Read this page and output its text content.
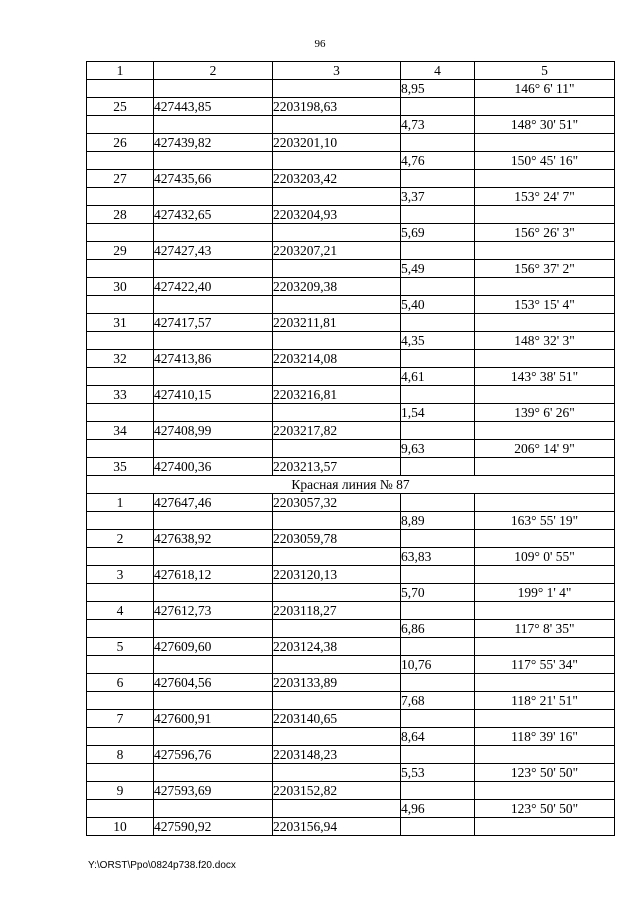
96
1	2	3	4	5
			8,95	146° 6' 11"
25	427443,85	2203198,63		
			4,73	148° 30' 51"
26	427439,82	2203201,10		
			4,76	150° 45' 16"
27	427435,66	2203203,42		
			3,37	153° 24' 7"
28	427432,65	2203204,93		
			5,69	156° 26' 3"
29	427427,43	2203207,21		
			5,49	156° 37' 2"
30	427422,40	2203209,38		
			5,40	153° 15' 4"
31	427417,57	2203211,81		
			4,35	148° 32' 3"
32	427413,86	2203214,08		
			4,61	143° 38' 51"
33	427410,15	2203216,81		
			1,54	139° 6' 26"
34	427408,99	2203217,82		
			9,63	206° 14' 9"
35	427400,36	2203213,57		
Красная линия № 87				
1	427647,46	2203057,32		
			8,89	163° 55' 19"
2	427638,92	2203059,78		
			63,83	109° 0' 55"
3	427618,12	2203120,13		
			5,70	199° 1' 4"
4	427612,73	2203118,27		
			6,86	117° 8' 35"
5	427609,60	2203124,38		
			10,76	117° 55' 34"
6	427604,56	2203133,89		
			7,68	118° 21' 51"
7	427600,91	2203140,65		
			8,64	118° 39' 16"
8	427596,76	2203148,23		
			5,53	123° 50' 50"
9	427593,69	2203152,82		
			4,96	123° 50' 50"
10	427590,92	2203156,94		
Y:\ORST\Ppo\0824p738.f20.docx
